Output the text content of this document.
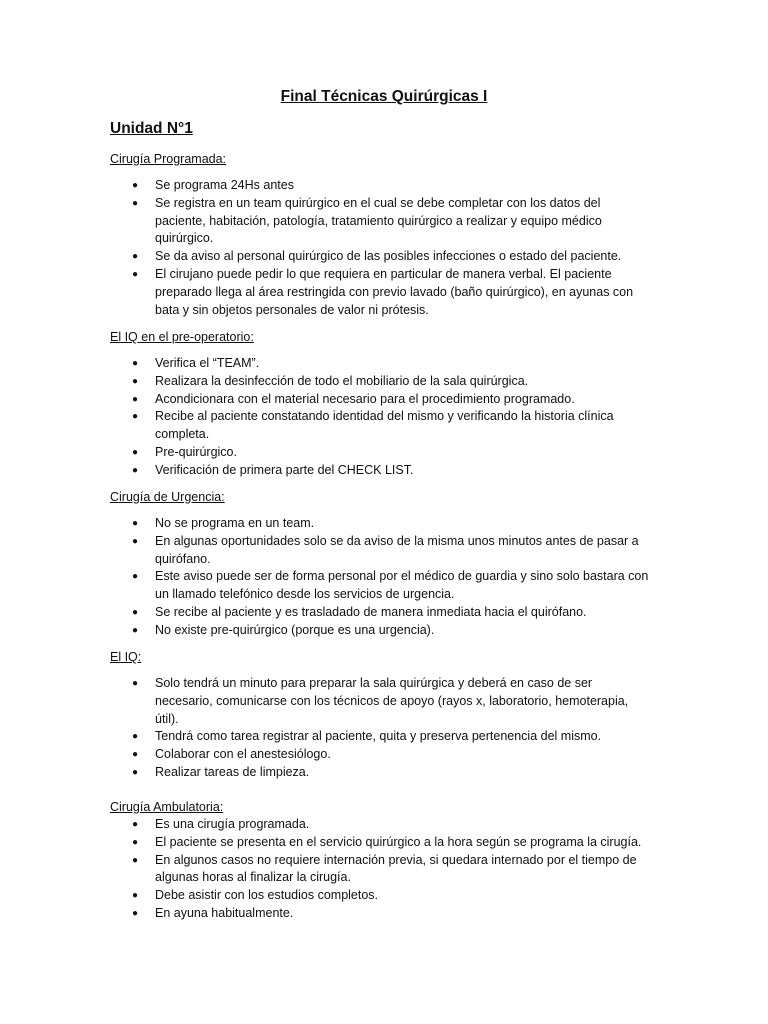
Final Técnicas Quirúrgicas I
Unidad N°1

Cirugía Programada:

● Se programa 24Hs antes
● Se registra en un team quirúrgico en el cual se debe completar con los datos del paciente, habitación, patología, tratamiento quirúrgico a realizar y equipo médico quirúrgico.
● Se da aviso al personal quirúrgico de las posibles infecciones o estado del paciente.
● El cirujano puede pedir lo que requiera en particular de manera verbal. El paciente preparado llega al área restringida con previo lavado (baño quirúrgico), en ayunas con bata y sin objetos personales de valor ni prótesis.

El IQ en el pre-operatorio:

● Verifica el “TEAM”.
● Realizara la desinfección de todo el mobiliario de la sala quirúrgica.
● Acondicionara con el material necesario para el procedimiento programado.
● Recibe al paciente constatando identidad del mismo y verificando la historia clínica completa.
● Pre-quirúrgico.
● Verificación de primera parte del CHECK LIST.

Cirugía de Urgencia:

● No se programa en un team.
● En algunas oportunidades solo se da aviso de la misma unos minutos antes de pasar a quirófano.
● Este aviso puede ser de forma personal por el médico de guardia y sino solo bastara con un llamado telefónico desde los servicios de urgencia.
● Se recibe al paciente y es trasladado de manera inmediata hacia el quirófano.
● No existe pre-quirúrgico (porque es una urgencia).

El IQ:

● Solo tendrá un minuto para preparar la sala quirúrgica y deberá en caso de ser necesario, comunicarse con los técnicos de apoyo (rayos x, laboratorio, hemoterapia, útil).
● Tendrá como tarea registrar al paciente, quita y preserva pertenencia del mismo.
● Colaborar con el anestesiólogo.
● Realizar tareas de limpieza.

Cirugía Ambulatoria:

● Es una cirugía programada.
● El paciente se presenta en el servicio quirúrgico a la hora según se programa la cirugía.
● En algunos casos no requiere internación previa, si quedara internado por el tiempo de algunas horas al finalizar la cirugía.
● Debe asistir con los estudios completos.
● En ayuna habitualmente.
